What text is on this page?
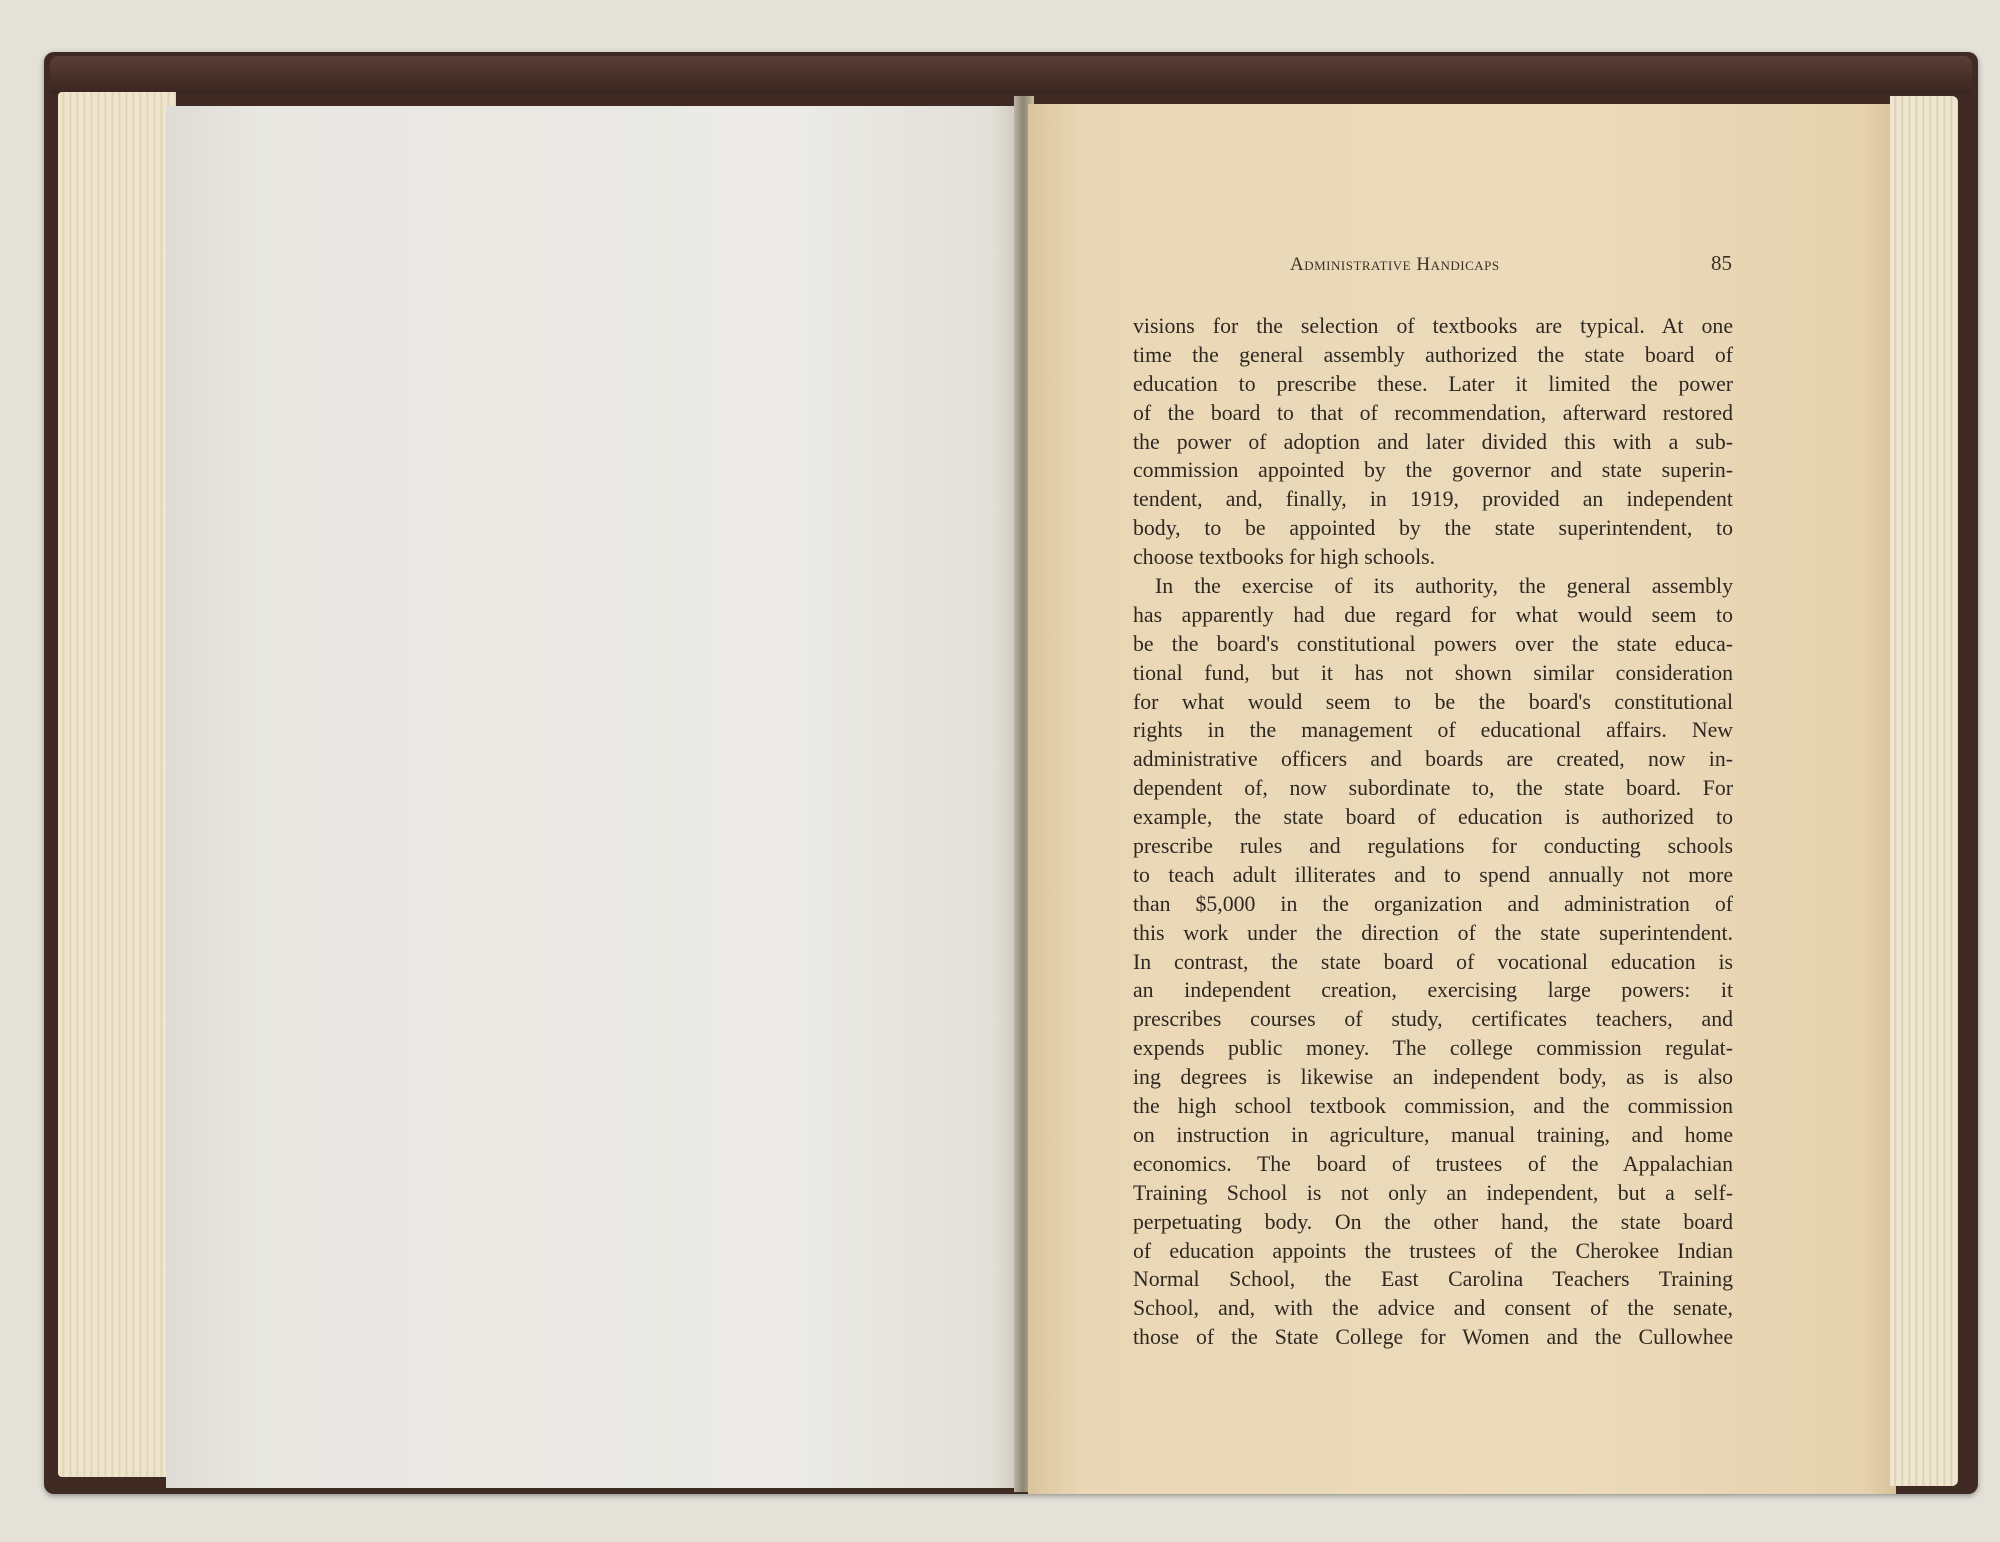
Administrative Handicaps	85
visions for the selection of textbooks are typical. At one
time the general assembly authorized the state board of
education to prescribe these. Later it limited the power
of the board to that of recommendation, afterward restored
the power of adoption and later divided this with a sub-
commission appointed by the governor and state superin-
tendent, and, finally, in 1919, provided an independent
body, to be appointed by the state superintendent, to
choose textbooks for high schools.
In the exercise of its authority, the general assembly
has apparently had due regard for what would seem to
be the board's constitutional powers over the state educa-
tional fund, but it has not shown similar consideration
for what would seem to be the board's constitutional
rights in the management of educational affairs. New
administrative officers and boards are created, now in-
dependent of, now subordinate to, the state board. For
example, the state board of education is authorized to
prescribe rules and regulations for conducting schools
to teach adult illiterates and to spend annually not more
than $5,000 in the organization and administration of
this work under the direction of the state superintendent.
In contrast, the state board of vocational education is
an independent creation, exercising large powers: it
prescribes courses of study, certificates teachers, and
expends public money. The college commission regulat-
ing degrees is likewise an independent body, as is also
the high school textbook commission, and the commission
on instruction in agriculture, manual training, and home
economics. The board of trustees of the Appalachian
Training School is not only an independent, but a self-
perpetuating body. On the other hand, the state board
of education appoints the trustees of the Cherokee Indian
Normal School, the East Carolina Teachers Training
School, and, with the advice and consent of the senate,
those of the State College for Women and the Cullowhee
